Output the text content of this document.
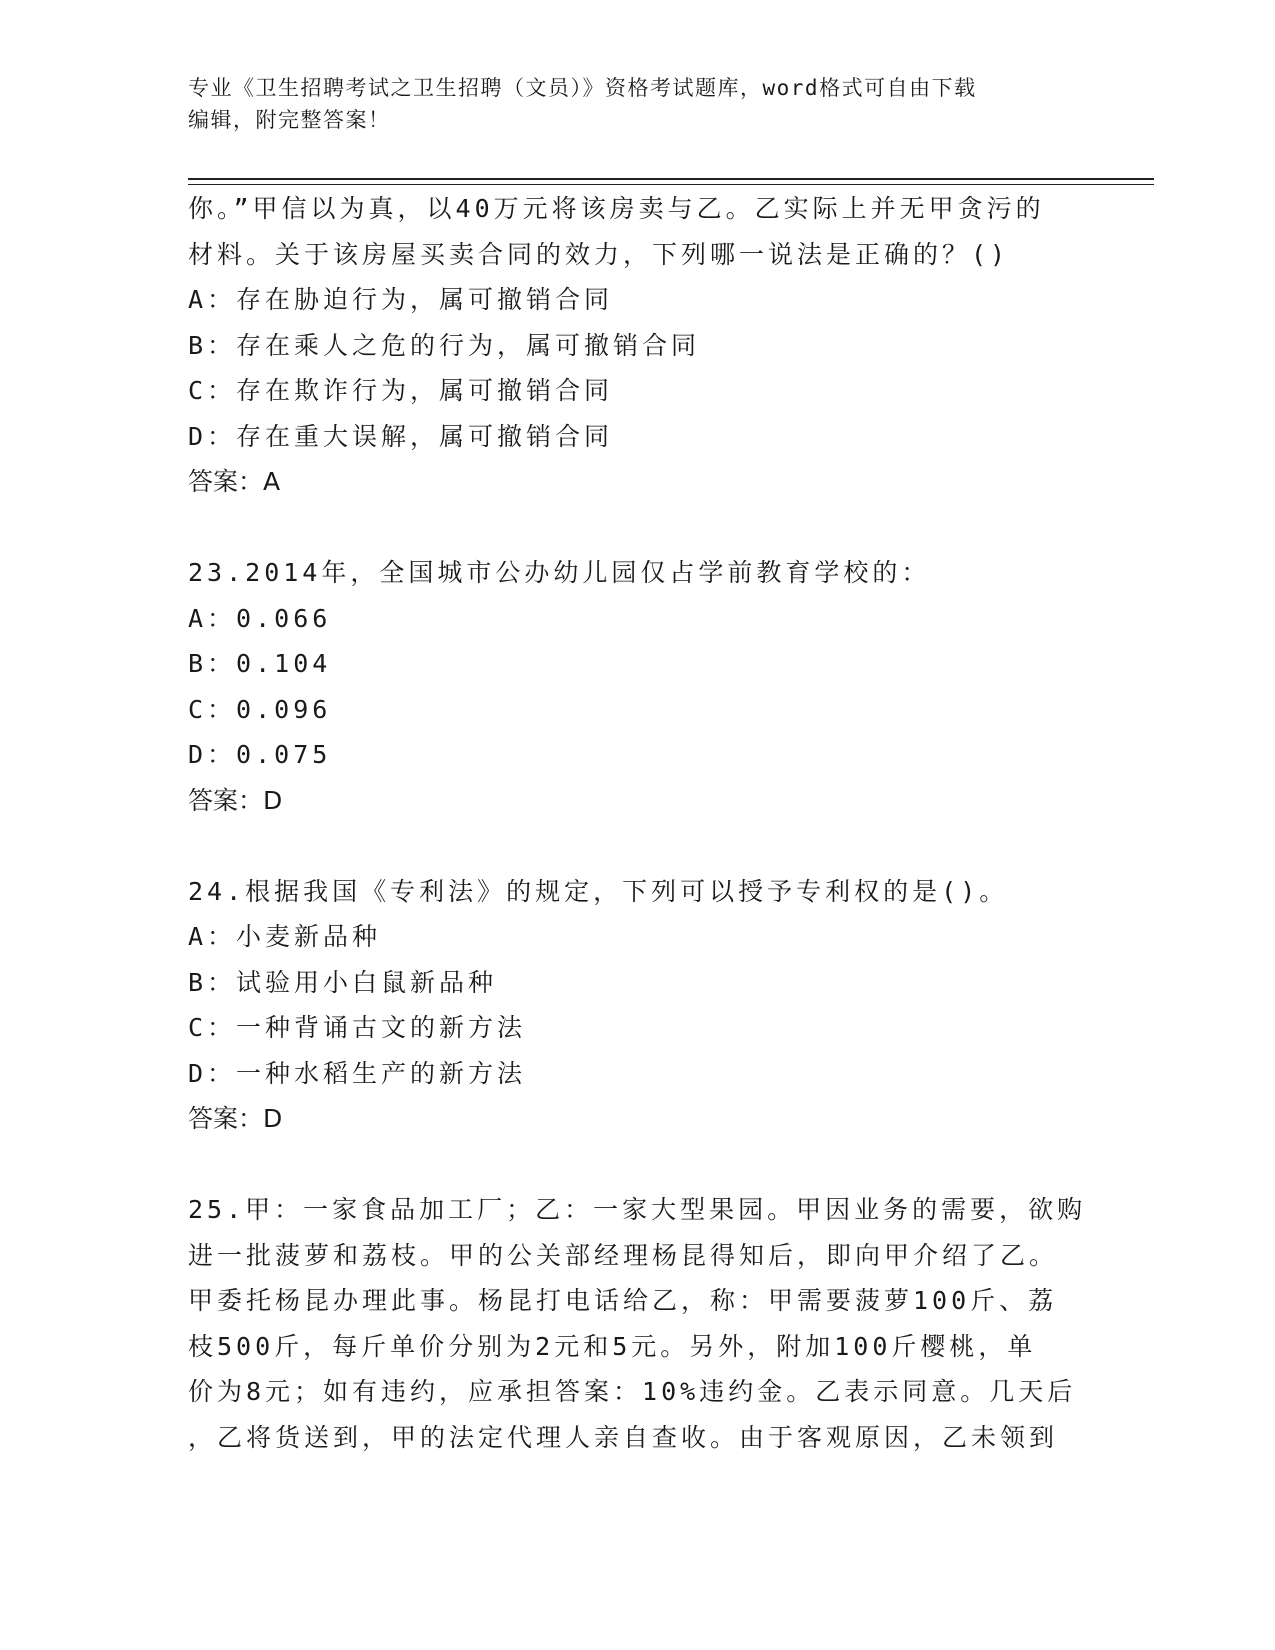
专业《卫生招聘考试之卫生招聘（文员）》资格考试题库，word格式可自由下载
编辑，附完整答案！
你。”甲信以为真，以40万元将该房卖与乙。乙实际上并无甲贪污的
材料。关于该房屋买卖合同的效力，下列哪一说法是正确的？()
A：存在胁迫行为，属可撤销合同
B：存在乘人之危的行为，属可撤销合同
C：存在欺诈行为，属可撤销合同
D：存在重大误解，属可撤销合同
答案：A
23.2014年，全国城市公办幼儿园仅占学前教育学校的：
A：0.066
B：0.104
C：0.096
D：0.075
答案：D
24.根据我国《专利法》的规定，下列可以授予专利权的是()。
A：小麦新品种
B：试验用小白鼠新品种
C：一种背诵古文的新方法
D：一种水稻生产的新方法
答案：D
25.甲：一家食品加工厂；乙：一家大型果园。甲因业务的需要，欲购
进一批菠萝和荔枝。甲的公关部经理杨昆得知后，即向甲介绍了乙。
甲委托杨昆办理此事。杨昆打电话给乙，称：甲需要菠萝100斤、荔
枝500斤，每斤单价分别为2元和5元。另外，附加100斤樱桃，单
价为8元；如有违约，应承担答案：10%违约金。乙表示同意。几天后
，乙将货送到，甲的法定代理人亲自查收。由于客观原因，乙未领到
